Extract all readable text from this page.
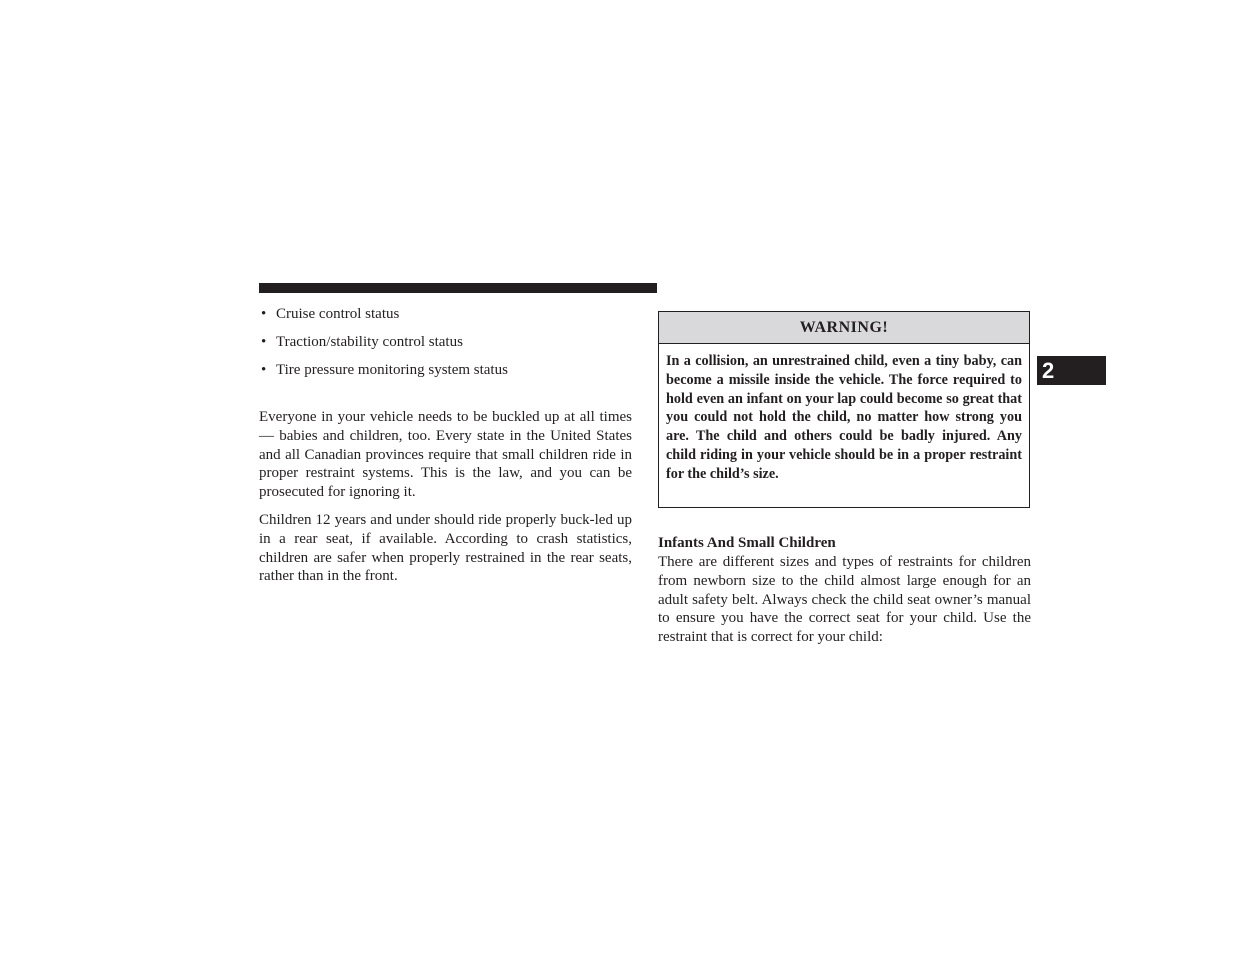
• Cruise control status
• Traction/stability control status
• Tire pressure monitoring system status

Everyone in your vehicle needs to be buckled up at all times — babies and children, too. Every state in the United States and all Canadian provinces require that small children ride in proper restraint systems. This is the law, and you can be prosecuted for ignoring it.

Children 12 years and under should ride properly buck-led up in a rear seat, if available. According to crash statistics, children are safer when properly restrained in the rear seats, rather than in the front.

WARNING!
In a collision, an unrestrained child, even a tiny baby, can become a missile inside the vehicle. The force required to hold even an infant on your lap could become so great that you could not hold the child, no matter how strong you are. The child and others could be badly injured. Any child riding in your vehicle should be in a proper restraint for the child’s size.
Infants And Small Children

There are different sizes and types of restraints for children from newborn size to the child almost large enough for an adult safety belt. Always check the child seat owner’s manual to ensure you have the correct seat for your child. Use the restraint that is correct for your child:

2
